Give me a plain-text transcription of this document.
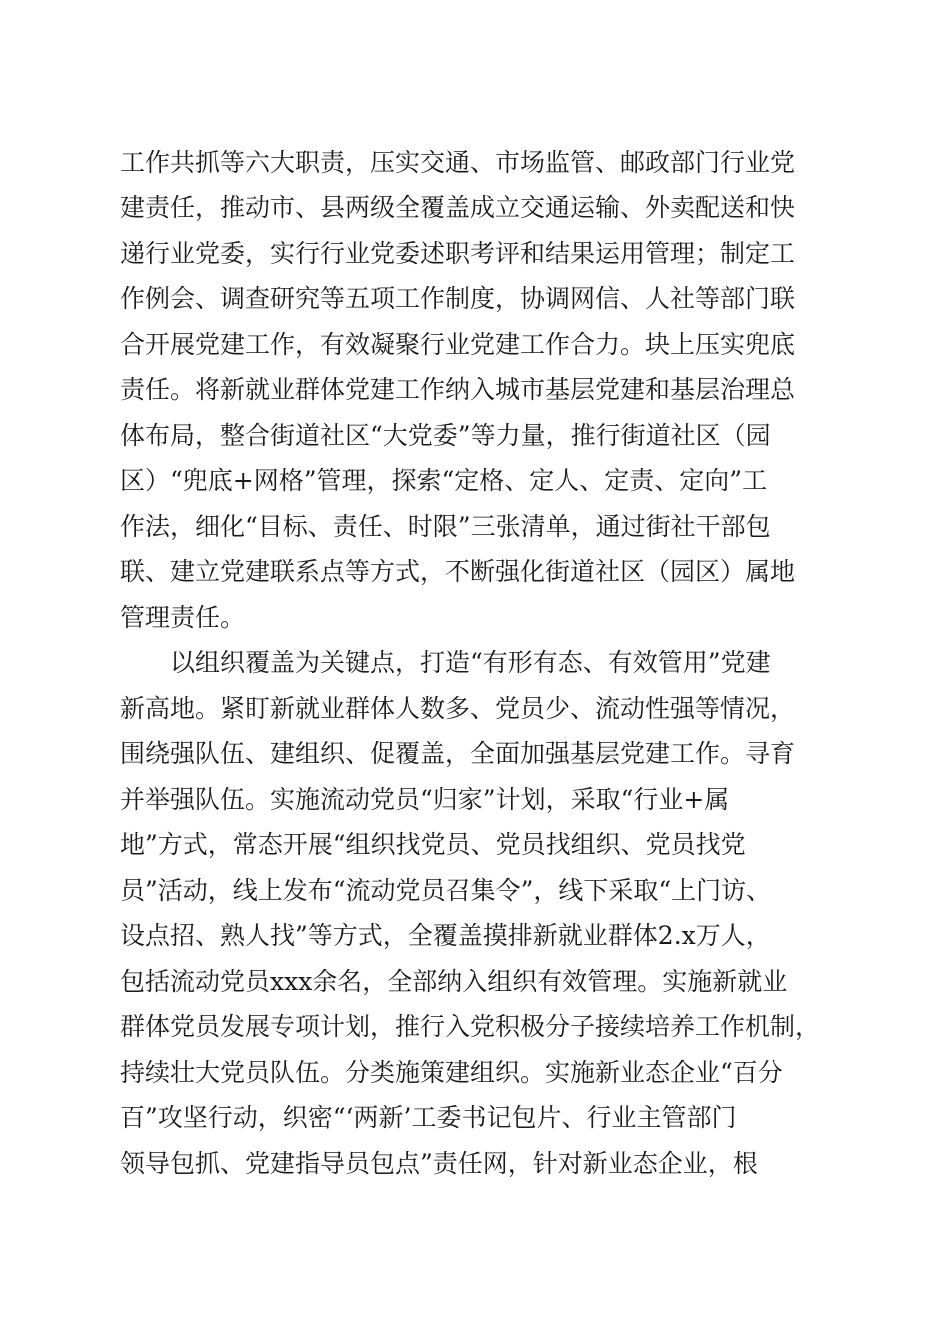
工作共抓等六大职责，压实交通、市场监管、邮政部门行业党

建责任，推动市、县两级全覆盖成立交通运输、外卖配送和快

递行业党委，实行行业党委述职考评和结果运用管理；制定工

作例会、调查研究等五项工作制度，协调网信、人社等部门联

合开展党建工作，有效凝聚行业党建工作合力。块上压实兜底

责任。将新就业群体党建工作纳入城市基层党建和基层治理总

体布局，整合街道社区“大党委”等力量，推行街道社区（园

区）“兜底+网格”管理，探索“定格、定人、定责、定向”工

作法，细化“目标、责任、时限”三张清单，通过街社干部包

联、建立党建联系点等方式，不断强化街道社区（园区）属地

管理责任。

以组织覆盖为关键点，打造“有形有态、有效管用”党建

新高地。紧盯新就业群体人数多、党员少、流动性强等情况，

围绕强队伍、建组织、促覆盖，全面加强基层党建工作。寻育

并举强队伍。实施流动党员“归家”计划，采取“行业+属

地”方式，常态开展“组织找党员、党员找组织、党员找党

员”活动，线上发布“流动党员召集令”，线下采取“上门访、

设点招、熟人找”等方式，全覆盖摸排新就业群体2.x万人，

包括流动党员xxx余名，全部纳入组织有效管理。实施新就业

群体党员发展专项计划，推行入党积极分子接续培养工作机制，

持续壮大党员队伍。分类施策建组织。实施新业态企业“百分

百”攻坚行动，织密“‘两新’工委书记包片、行业主管部门

领导包抓、党建指导员包点”责任网，针对新业态企业，根
